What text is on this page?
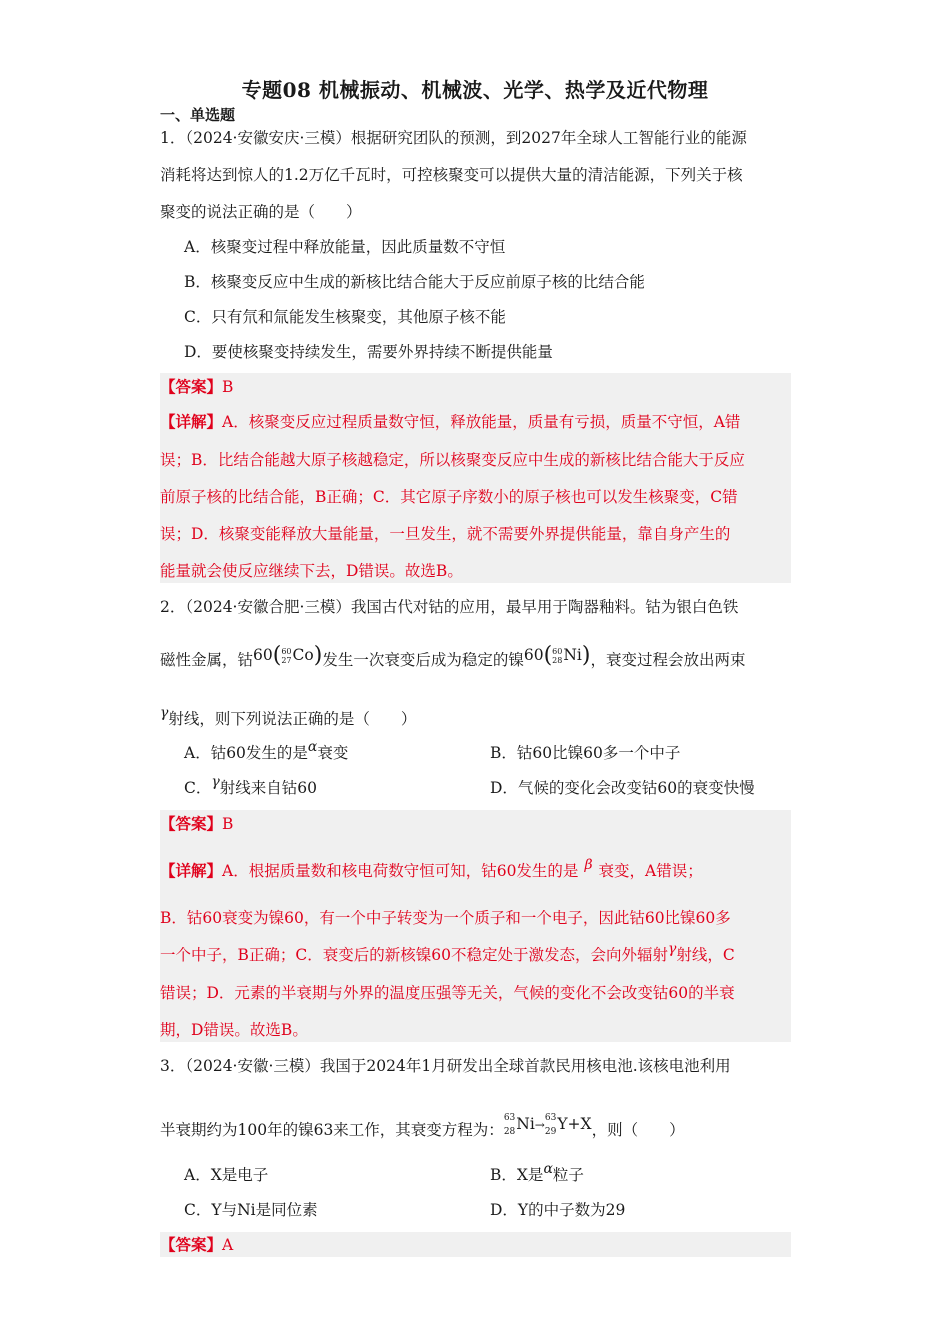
专题08 机械振动、机械波、光学、热学及近代物理
一、单选题
1．（2024·安徽安庆·三模）根据研究团队的预测，到2027年全球人工智能行业的能源
消耗将达到惊人的1.2万亿千瓦时，可控核聚变可以提供大量的清洁能源，下列关于核
聚变的说法正确的是（　　）
A．核聚变过程中释放能量，因此质量数不守恒
B．核聚变反应中生成的新核比结合能大于反应前原子核的比结合能
C．只有氘和氚能发生核聚变，其他原子核不能
D．要使核聚变持续发生，需要外界持续不断提供能量
【答案】B
【详解】A．核聚变反应过程质量数守恒，释放能量，质量有亏损，质量不守恒，A错
误；B．比结合能越大原子核越稳定，所以核聚变反应中生成的新核比结合能大于反应
前原子核的比结合能，B正确；C．其它原子序数小的原子核也可以发生核聚变，C错
误；D．核聚变能释放大量能量，一旦发生，就不需要外界提供能量，靠自身产生的
能量就会使反应继续下去，D错误。故选B。
2．（2024·安徽合肥·三模）我国古代对钴的应用，最早用于陶器釉料。钴为银白色铁
磁性金属，钴60( 60
27 Co)发生一次衰变后成为稳定的镍60( 60
28 Ni)，衰变过程会放出两束
γ射线，则下列说法正确的是（　　）
A．钴60发生的是α衰变	B．钴60比镍60多一个中子
C．γ射线来自钴60	D．气候的变化会改变钴60的衰变快慢
【答案】B
【详解】A．根据质量数和核电荷数守恒可知，钴60发生的是 β 衰变，A错误；
B．钴60衰变为镍60，有一个中子转变为一个质子和一个电子，因此钴60比镍60多
一个中子，B正确；C．衰变后的新核镍60不稳定处于激发态，会向外辐射γ射线，C
错误；D．元素的半衰期与外界的温度压强等无关，气候的变化不会改变钴60的半衰
期，D错误。故选B。
3．（2024·安徽·三模）我国于2024年1月研发出全球首款民用核电池.该核电池利用
半衰期约为100年的镍63来工作，其衰变方程为：
63
28 Ni→ 63
29 Y+X，则（　　）
A．X是电子	B．X是α粒子
C．Y与Ni是同位素	D．Y的中子数为29
【答案】A
